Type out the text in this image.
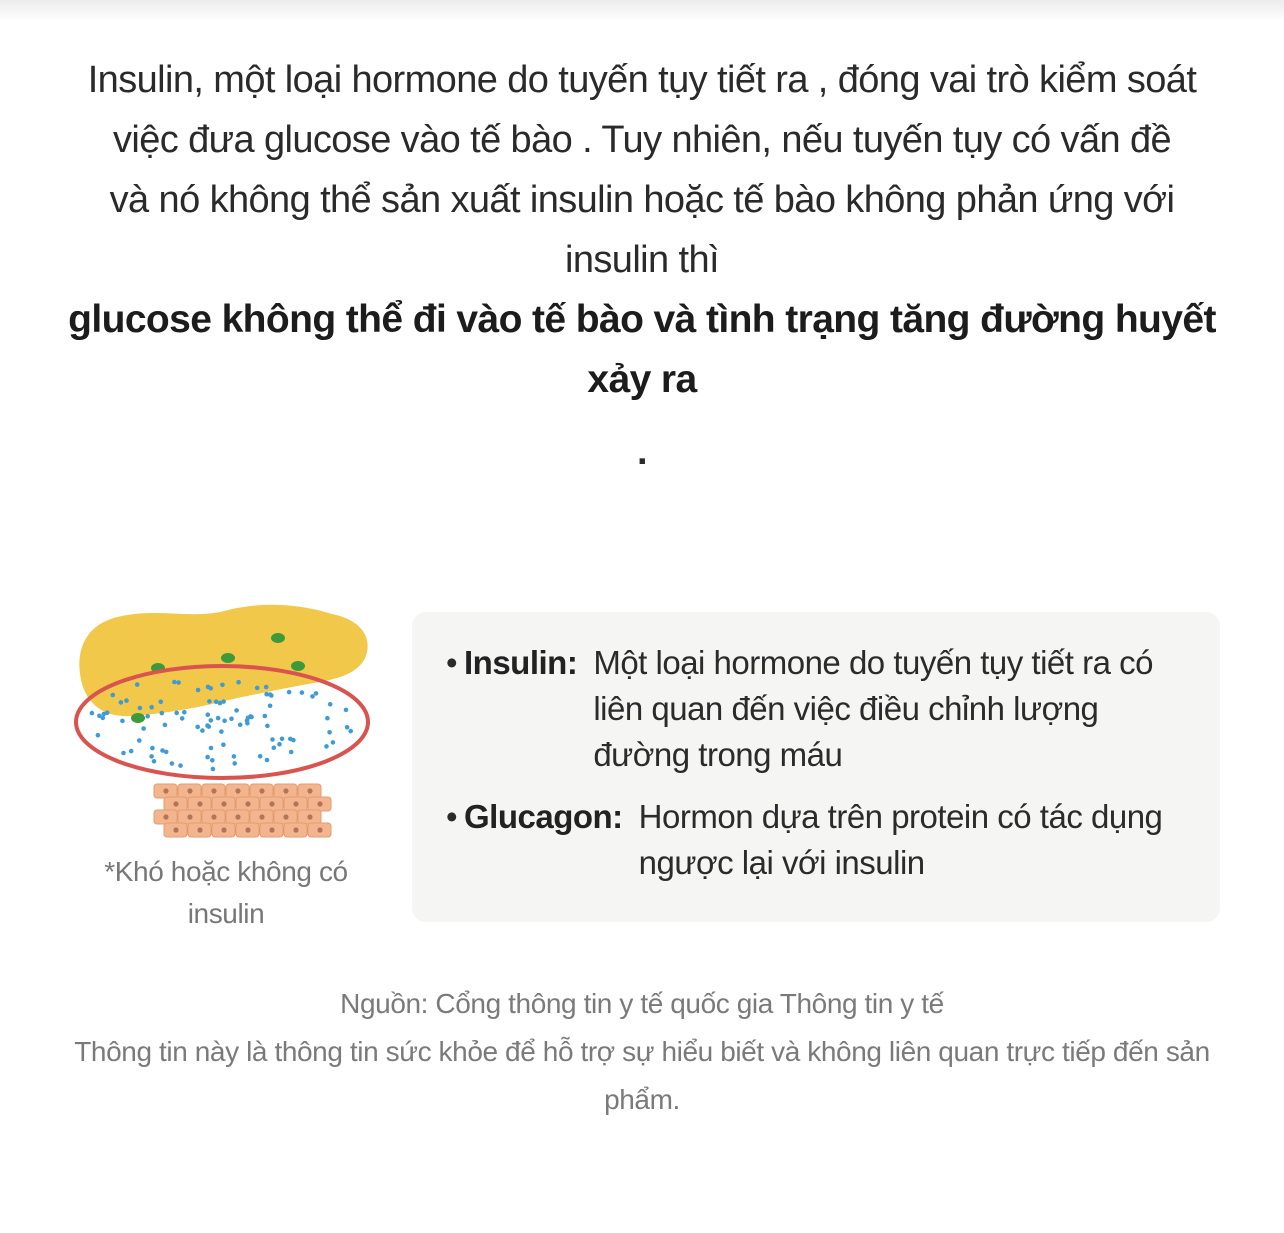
Insulin, một loại hormone do tuyến tụy tiết ra , đóng vai trò kiểm soát việc đưa glucose vào tế bào . Tuy nhiên, nếu tuyến tụy có vấn đề

và nó không thể sản xuất insulin hoặc tế bào không phản ứng với insulin thì

glucose không thể đi vào tế bào và tình trạng tăng đường huyết xảy ra

.

*Khó hoặc không có insulin
• Insulin: Một loại hormone do tuyến tụy tiết ra có liên quan đến việc điều chỉnh lượng đường trong máu
• Glucagon: Hormon dựa trên protein có tác dụng ngược lại với insulin

Nguồn: Cổng thông tin y tế quốc gia Thông tin y tế

Thông tin này là thông tin sức khỏe để hỗ trợ sự hiểu biết và không liên quan trực tiếp đến sản phẩm.
